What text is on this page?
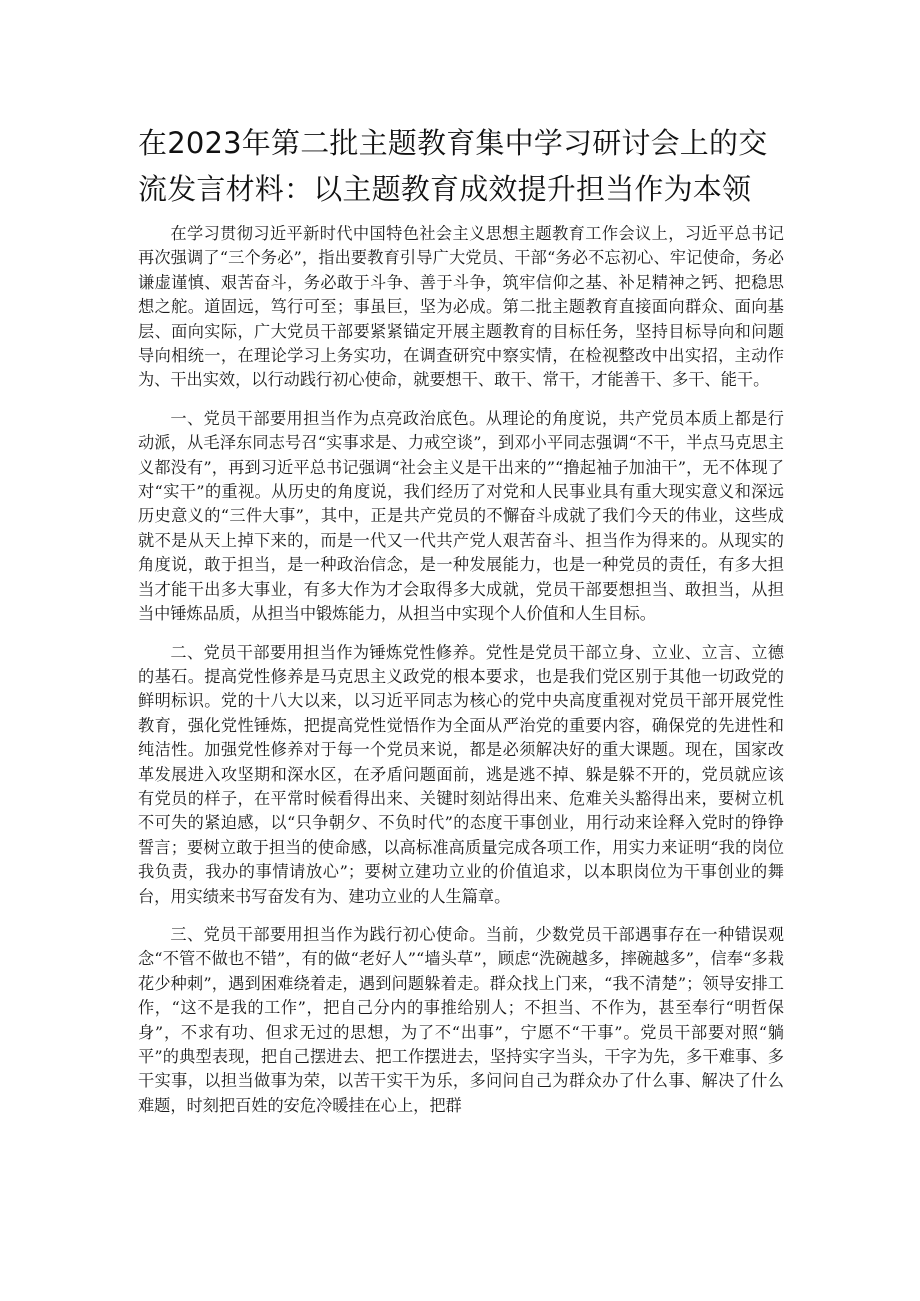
在2023年第二批主题教育集中学习研讨会上的交流发言材料：以主题教育成效提升担当作为本领

在学习贯彻习近平新时代中国特色社会主义思想主题教育工作会议上，习近平总书记再次强调了“三个务必”，指出要教育引导广大党员、干部“务必不忘初心、牢记使命，务必谦虚谨慎、艰苦奋斗，务必敢于斗争、善于斗争，筑牢信仰之基、补足精神之钙、把稳思想之舵。道固远，笃行可至；事虽巨，坚为必成。第二批主题教育直接面向群众、面向基层、面向实际，广大党员干部要紧紧锚定开展主题教育的目标任务，坚持目标导向和问题导向相统一，在理论学习上务实功，在调查研究中察实情，在检视整改中出实招，主动作为、干出实效，以行动践行初心使命，就要想干、敢干、常干，才能善干、多干、能干。

一、党员干部要用担当作为点亮政治底色。从理论的角度说，共产党员本质上都是行动派，从毛泽东同志号召“实事求是、力戒空谈”，到邓小平同志强调“不干，半点马克思主义都没有”，再到习近平总书记强调“社会主义是干出来的”“撸起袖子加油干”，无不体现了对“实干”的重视。从历史的角度说，我们经历了对党和人民事业具有重大现实意义和深远历史意义的“三件大事”，其中，正是共产党员的不懈奋斗成就了我们今天的伟业，这些成就不是从天上掉下来的，而是一代又一代共产党人艰苦奋斗、担当作为得来的。从现实的角度说，敢于担当，是一种政治信念，是一种发展能力，也是一种党员的责任，有多大担当才能干出多大事业，有多大作为才会取得多大成就，党员干部要想担当、敢担当，从担当中锤炼品质，从担当中锻炼能力，从担当中实现个人价值和人生目标。

二、党员干部要用担当作为锤炼党性修养。党性是党员干部立身、立业、立言、立德的基石。提高党性修养是马克思主义政党的根本要求，也是我们党区别于其他一切政党的鲜明标识。党的十八大以来，以习近平同志为核心的党中央高度重视对党员干部开展党性教育，强化党性锤炼，把提高党性觉悟作为全面从严治党的重要内容，确保党的先进性和纯洁性。加强党性修养对于每一个党员来说，都是必须解决好的重大课题。现在，国家改革发展进入攻坚期和深水区，在矛盾问题面前，逃是逃不掉、躲是躲不开的，党员就应该有党员的样子，在平常时候看得出来、关键时刻站得出来、危难关头豁得出来，要树立机不可失的紧迫感，以“只争朝夕、不负时代”的态度干事创业，用行动来诠释入党时的铮铮誓言；要树立敢于担当的使命感，以高标准高质量完成各项工作，用实力来证明“我的岗位我负责，我办的事情请放心”；要树立建功立业的价值追求，以本职岗位为干事创业的舞台，用实绩来书写奋发有为、建功立业的人生篇章。

三、党员干部要用担当作为践行初心使命。当前，少数党员干部遇事存在一种错误观念“不管不做也不错”，有的做“老好人”“墙头草”，顾虑“洗碗越多，摔碗越多”，信奉“多栽花少种刺”，遇到困难绕着走，遇到问题躲着走。群众找上门来，“我不清楚”；领导安排工作，“这不是我的工作”，把自己分内的事推给别人；不担当、不作为，甚至奉行“明哲保身”，不求有功、但求无过的思想，为了不“出事”，宁愿不“干事”。党员干部要对照“躺平”的典型表现，把自己摆进去、把工作摆进去，坚持实字当头，干字为先，多干难事、多干实事，以担当做事为荣，以苦干实干为乐，多问问自己为群众办了什么事、解决了什么难题，时刻把百姓的安危冷暖挂在心上，把群
